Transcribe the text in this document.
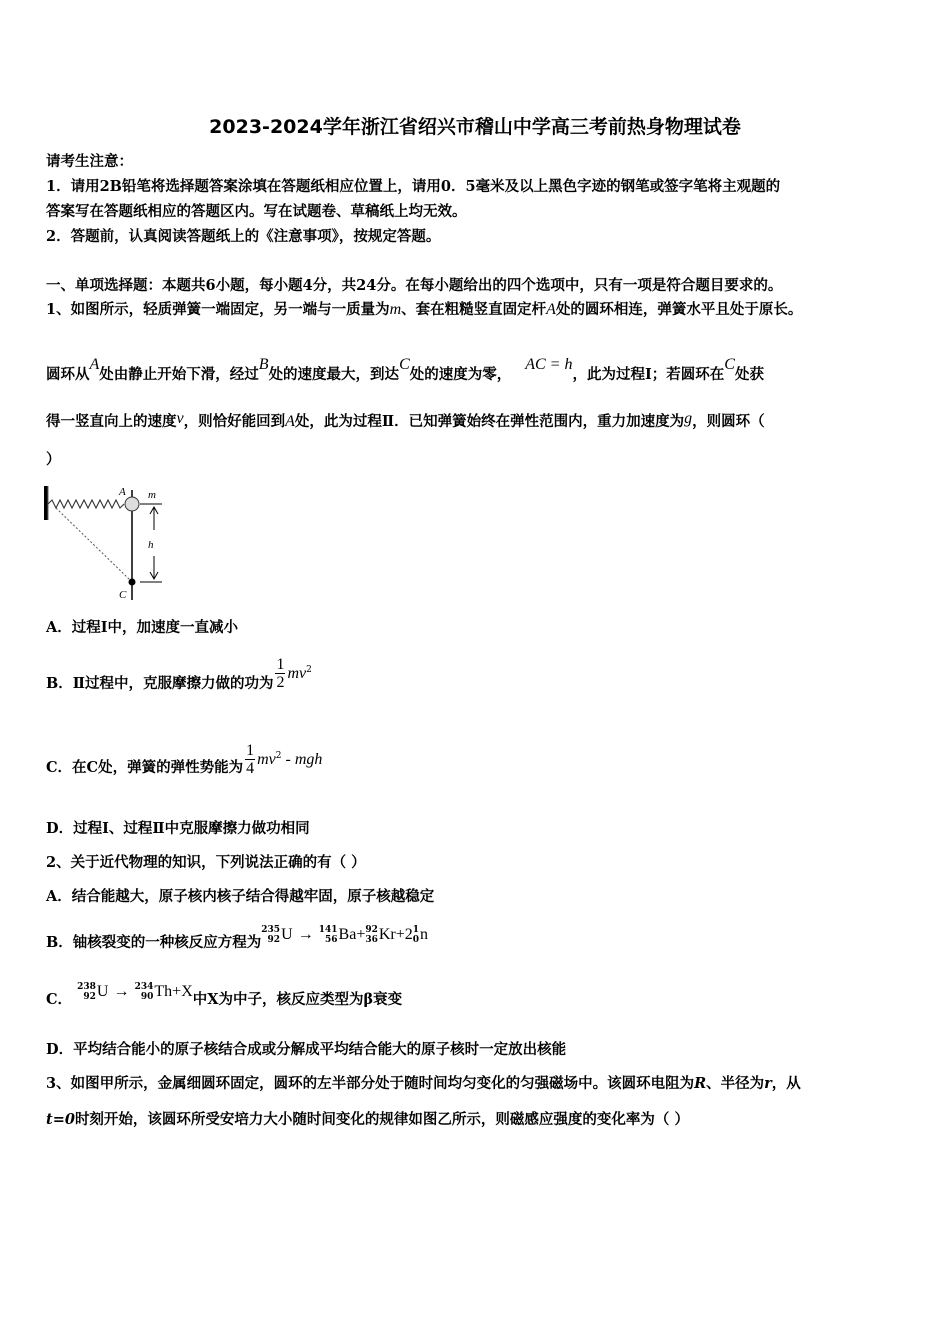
2023-2024学年浙江省绍兴市稽山中学高三考前热身物理试卷
请考生注意：
1．请用2B铅笔将选择题答案涂填在答题纸相应位置上，请用0．5毫米及以上黑色字迹的钢笔或签字笔将主观题的
答案写在答题纸相应的答题区内。写在试题卷、草稿纸上均无效。
2．答题前，认真阅读答题纸上的《注意事项》，按规定答题。
一、单项选择题：本题共6小题，每小题4分，共24分。在每小题给出的四个选项中，只有一项是符合题目要求的。
1、如图所示，轻质弹簧一端固定，另一端与一质量为m、套在粗糙竖直固定杆A处的圆环相连，弹簧水平且处于原长。
圆环从A处由静止开始下滑，经过B处的速度最大，到达C处的速度为零，AC = h，此为过程Ⅰ；若圆环在C处获
得一竖直向上的速度v，则恰好能回到A处，此为过程Ⅱ．已知弹簧始终在弹性范围内，重力加速度为g，则圆环（
）
A m
h
C
A．过程Ⅰ中，加速度一直减小
B．Ⅱ过程中，克服摩擦力做的功为 $\frac{1}{2} mv^2$
C．在C处，弹簧的弹性势能为 $\frac{1}{4} mv^2$ - mgh
D．过程Ⅰ、过程Ⅱ中克服摩擦力做功相同
2、关于近代物理的知识，下列说法正确的有（ ）
A．结合能越大，原子核内核子结合得越牢固，原子核越稳定
B．铀核裂变的一种核反应方程为
235
92 U → 141
56 Ba+ 92
36 Kr+2 1
0 n
C．
238
92 U → 234
90 Th+X中X为中子，核反应类型为β衰变
D．平均结合能小的原子核结合成或分解成平均结合能大的原子核时一定放出核能
3、如图甲所示，金属细圆环固定，圆环的左半部分处于随时间均匀变化的匀强磁场中。该圆环电阻为R、半径为r，从
t=0时刻开始，该圆环所受安培力大小随时间变化的规律如图乙所示，则磁感应强度的变化率为（ ）
